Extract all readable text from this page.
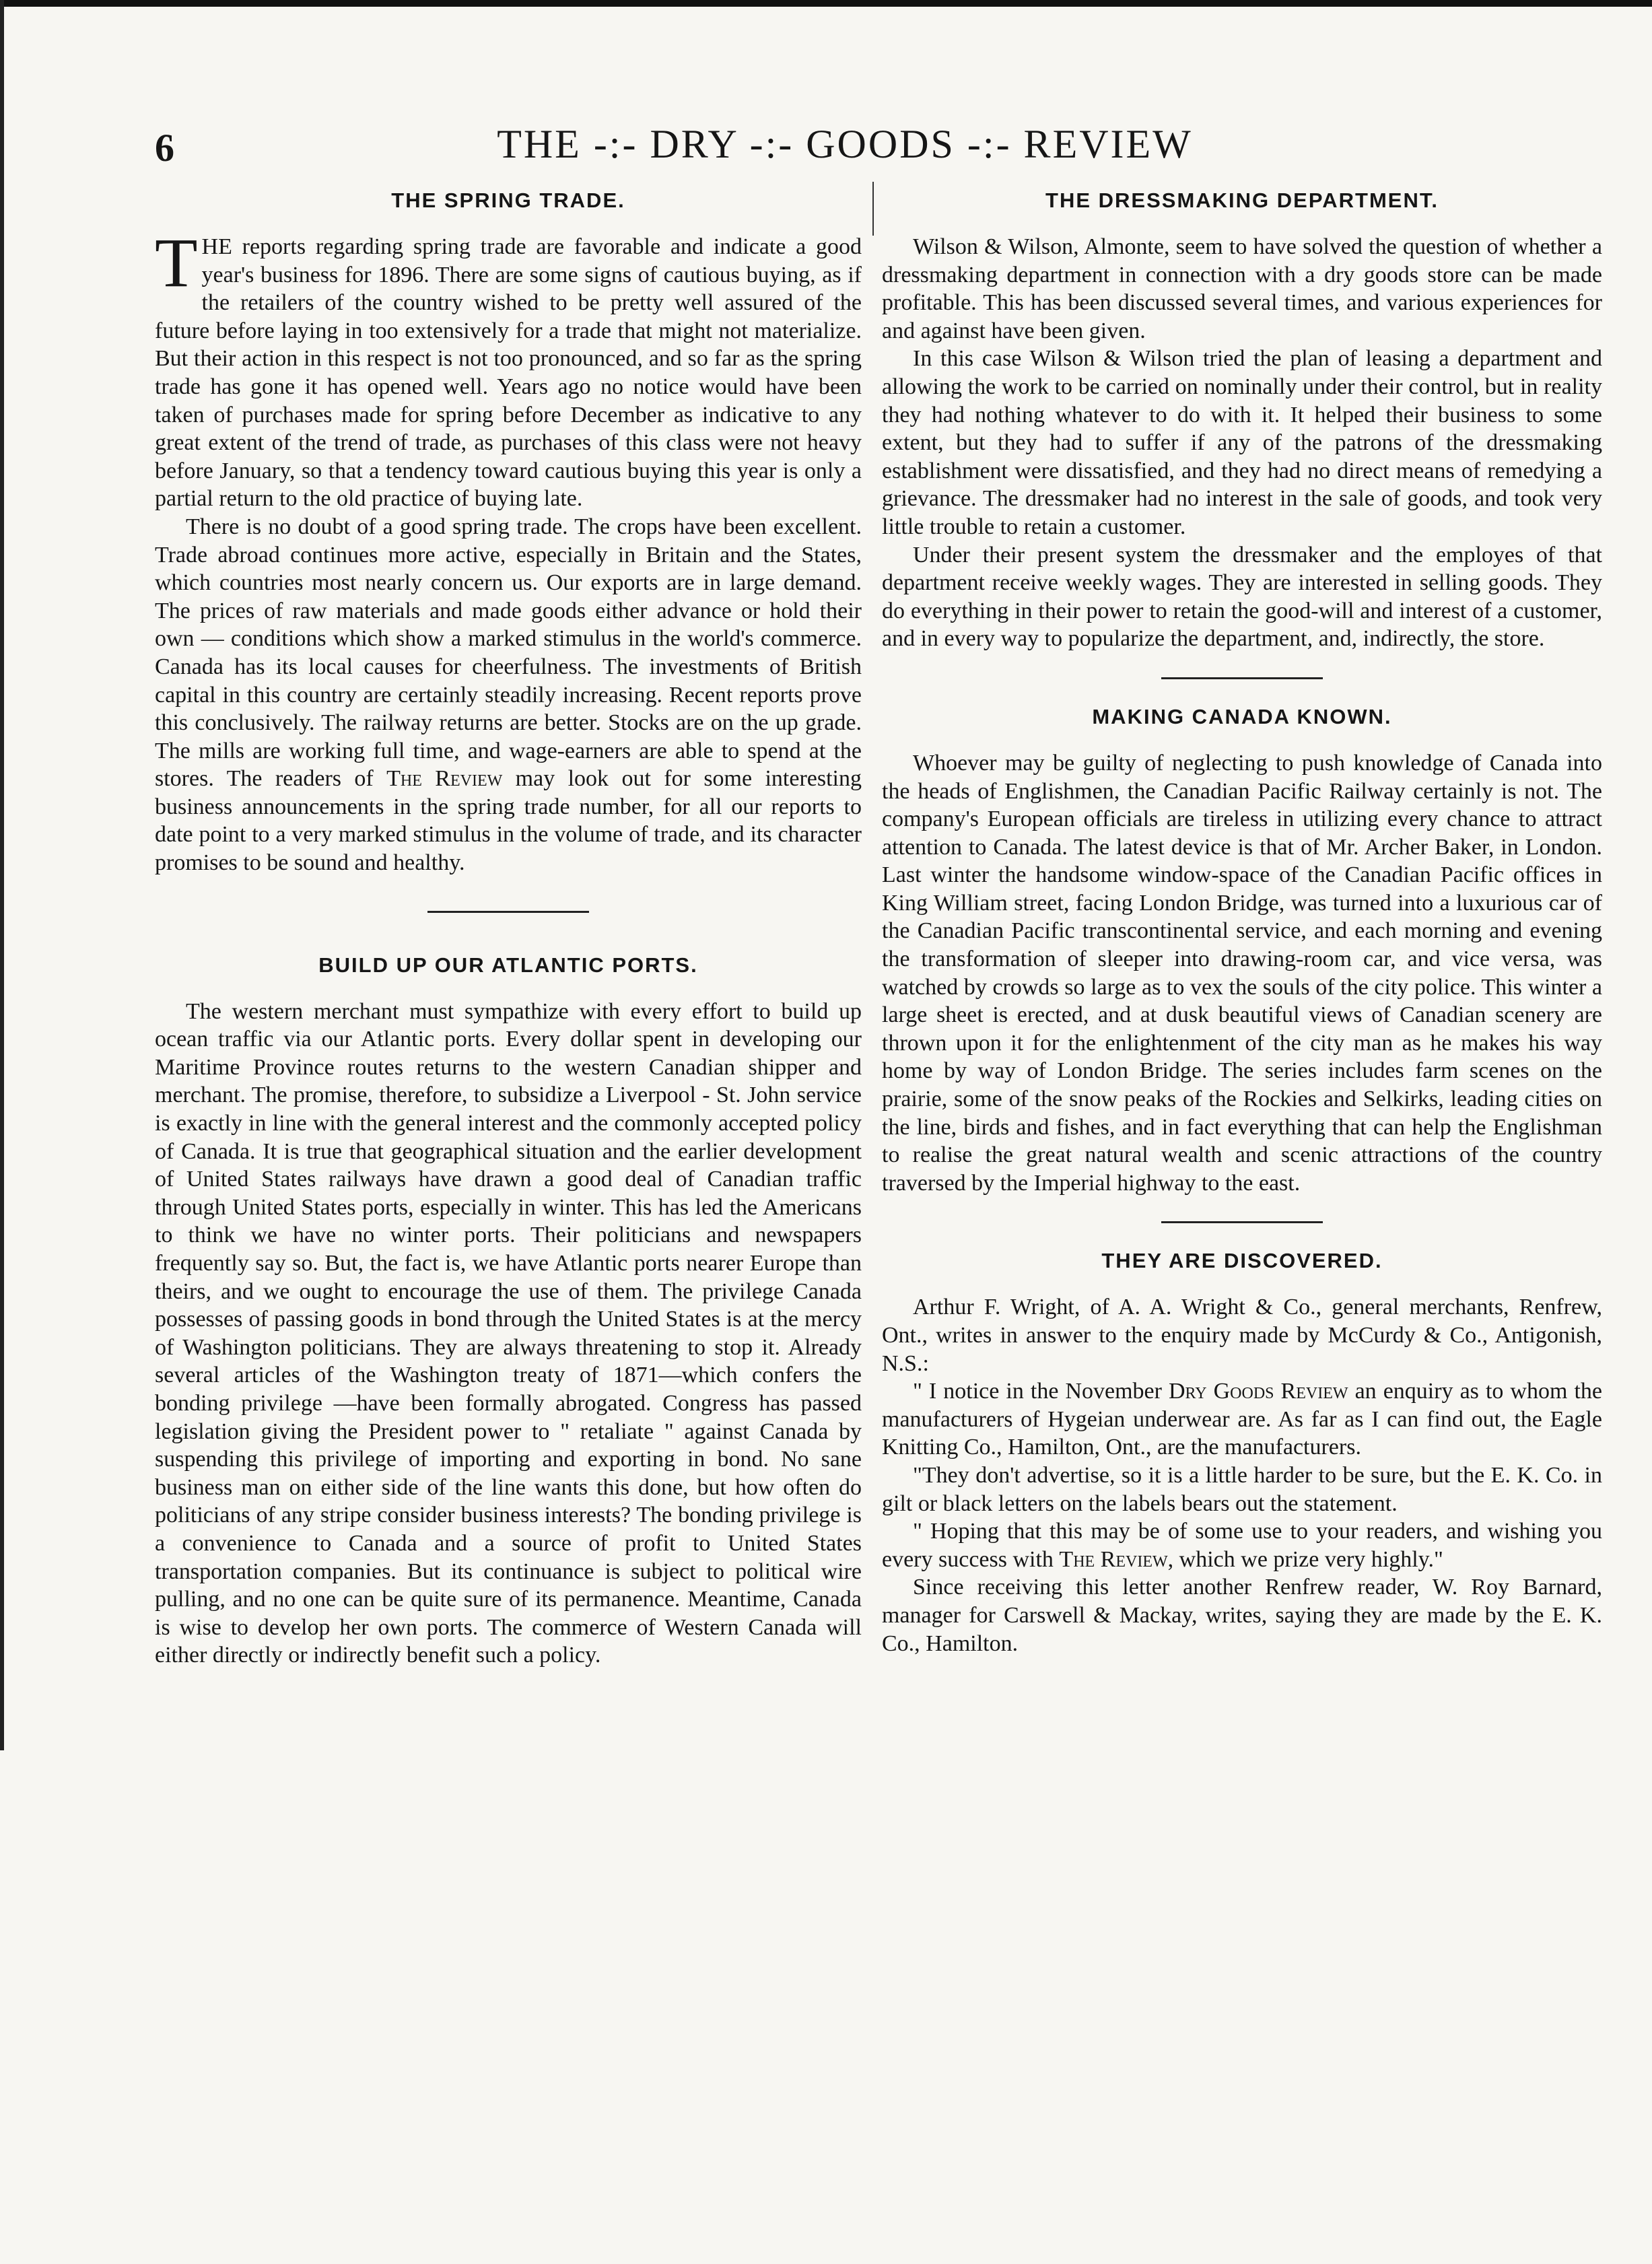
6	THE -:- DRY -:- GOODS -:- REVIEW
THE SPRING TRADE.

THE reports regarding spring trade are favorable and indicate a good year's business for 1896. There are some signs of cautious buying, as if the retailers of the country wished to be pretty well assured of the future before laying in too extensively for a trade that might not materialize. But their action in this respect is not too pronounced, and so far as the spring trade has gone it has opened well. Years ago no notice would have been taken of purchases made for spring before December as indicative to any great extent of the trend of trade, as purchases of this class were not heavy before January, so that a tendency toward cautious buying this year is only a partial return to the old practice of buying late.

There is no doubt of a good spring trade. The crops have been excellent. Trade abroad continues more active, especially in Britain and the States, which countries most nearly concern us. Our exports are in large demand. The prices of raw materials and made goods either advance or hold their own — conditions which show a marked stimulus in the world's commerce. Canada has its local causes for cheerfulness. The investments of British capital in this country are certainly steadily increasing. Recent reports prove this conclusively. The railway returns are better. Stocks are on the up grade. The mills are working full time, and wage-earners are able to spend at the stores. The readers of The Review may look out for some interesting business announcements in the spring trade number, for all our reports to date point to a very marked stimulus in the volume of trade, and its character promises to be sound and healthy.

BUILD UP OUR ATLANTIC PORTS.

The western merchant must sympathize with every effort to build up ocean traffic via our Atlantic ports. Every dollar spent in developing our Maritime Province routes returns to the western Canadian shipper and merchant. The promise, therefore, to subsidize a Liverpool - St. John service is exactly in line with the general interest and the commonly accepted policy of Canada. It is true that geographical situation and the earlier development of United States railways have drawn a good deal of Canadian traffic through United States ports, especially in winter. This has led the Americans to think we have no winter ports. Their politicians and newspapers frequently say so. But, the fact is, we have Atlantic ports nearer Europe than theirs, and we ought to encourage the use of them. The privilege Canada possesses of passing goods in bond through the United States is at the mercy of Washington politicians. They are always threatening to stop it. Already several articles of the Washington treaty of 1871—which confers the bonding privilege —have been formally abrogated. Congress has passed legislation giving the President power to " retaliate " against Canada by suspending this privilege of importing and exporting in bond. No sane business man on either side of the line wants this done, but how often do politicians of any stripe consider business interests? The bonding privilege is a convenience to Canada and a source of profit to United States transportation companies. But its continuance is subject to political wire pulling, and no one can be quite sure of its permanence. Meantime, Canada is wise to develop her own ports. The commerce of Western Canada will either directly or indirectly benefit such a policy.

THE DRESSMAKING DEPARTMENT.

Wilson & Wilson, Almonte, seem to have solved the question of whether a dressmaking department in connection with a dry goods store can be made profitable. This has been discussed several times, and various experiences for and against have been given.

In this case Wilson & Wilson tried the plan of leasing a department and allowing the work to be carried on nominally under their control, but in reality they had nothing whatever to do with it. It helped their business to some extent, but they had to suffer if any of the patrons of the dressmaking establishment were dissatisfied, and they had no direct means of remedying a grievance. The dressmaker had no interest in the sale of goods, and took very little trouble to retain a customer.

Under their present system the dressmaker and the employes of that department receive weekly wages. They are interested in selling goods. They do everything in their power to retain the good-will and interest of a customer, and in every way to popularize the department, and, indirectly, the store.

MAKING CANADA KNOWN.

Whoever may be guilty of neglecting to push knowledge of Canada into the heads of Englishmen, the Canadian Pacific Railway certainly is not. The company's European officials are tireless in utilizing every chance to attract attention to Canada. The latest device is that of Mr. Archer Baker, in London. Last winter the handsome window-space of the Canadian Pacific offices in King William street, facing London Bridge, was turned into a luxurious car of the Canadian Pacific transcontinental service, and each morning and evening the transformation of sleeper into drawing-room car, and vice versa, was watched by crowds so large as to vex the souls of the city police. This winter a large sheet is erected, and at dusk beautiful views of Canadian scenery are thrown upon it for the enlightenment of the city man as he makes his way home by way of London Bridge. The series includes farm scenes on the prairie, some of the snow peaks of the Rockies and Selkirks, leading cities on the line, birds and fishes, and in fact everything that can help the Englishman to realise the great natural wealth and scenic attractions of the country traversed by the Imperial highway to the east.

THEY ARE DISCOVERED.

Arthur F. Wright, of A. A. Wright & Co., general merchants, Renfrew, Ont., writes in answer to the enquiry made by McCurdy & Co., Antigonish, N.S.:

" I notice in the November Dry Goods Review an enquiry as to whom the manufacturers of Hygeian underwear are. As far as I can find out, the Eagle Knitting Co., Hamilton, Ont., are the manufacturers.

"They don't advertise, so it is a little harder to be sure, but the E. K. Co. in gilt or black letters on the labels bears out the statement.

" Hoping that this may be of some use to your readers, and wishing you every success with The Review, which we prize very highly."

Since receiving this letter another Renfrew reader, W. Roy Barnard, manager for Carswell & Mackay, writes, saying they are made by the E. K. Co., Hamilton.
